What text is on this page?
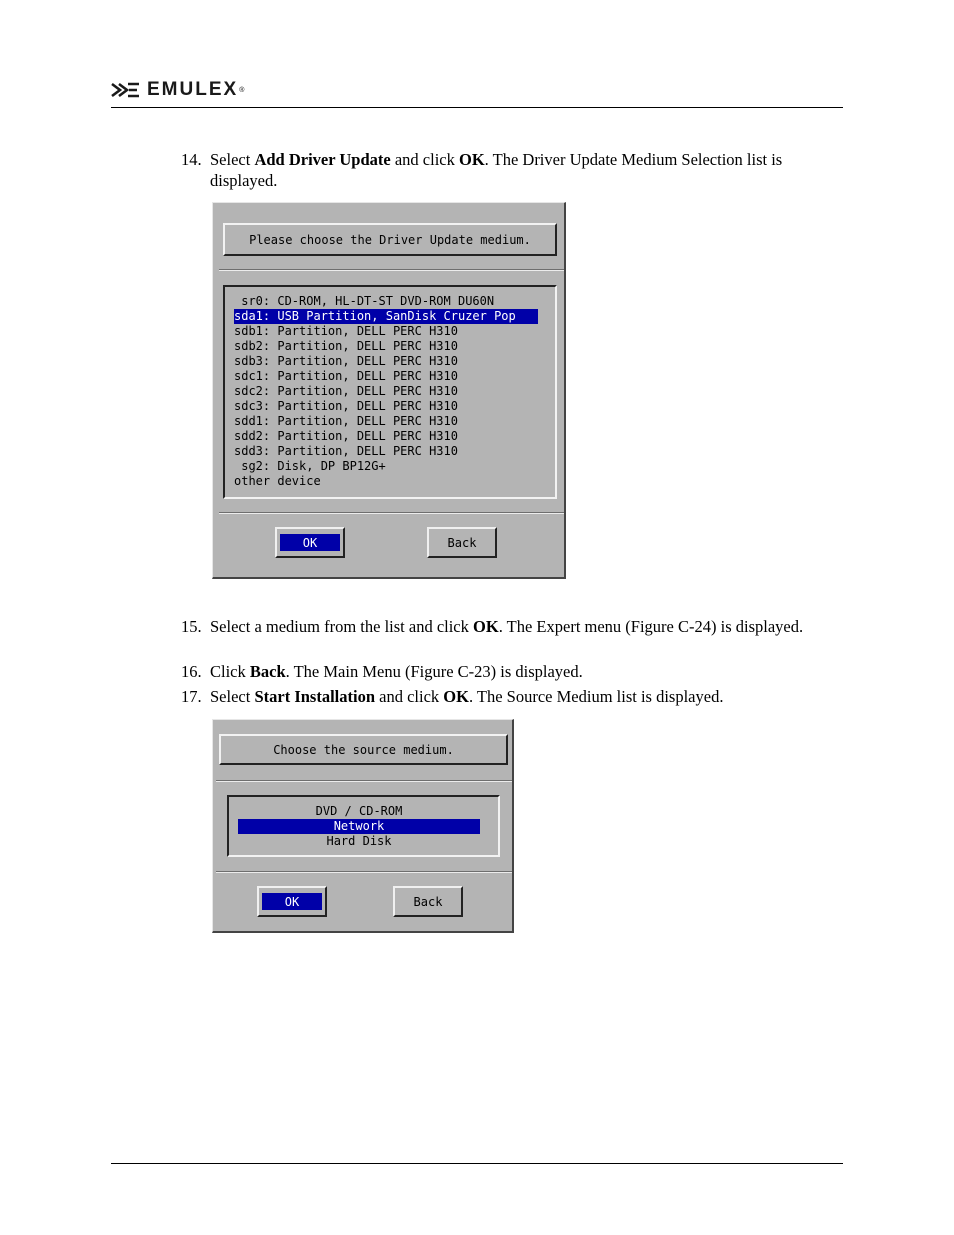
EMULEX ®
14. Select Add Driver Update and click OK. The Driver Update Medium Selection list is displayed.
Please choose the Driver Update medium.
sr0: CD-ROM, HL-DT-ST DVD-ROM DU60N
sda1: USB Partition, SanDisk Cruzer Pop
sdb1: Partition, DELL PERC H310
sdb2: Partition, DELL PERC H310
sdb3: Partition, DELL PERC H310
sdc1: Partition, DELL PERC H310
sdc2: Partition, DELL PERC H310
sdc3: Partition, DELL PERC H310
sdd1: Partition, DELL PERC H310
sdd2: Partition, DELL PERC H310
sdd3: Partition, DELL PERC H310
sg2: Disk, DP BP12G+
other device
OK	Back
15. Select a medium from the list and click OK. The Expert menu (Figure C-24) is displayed.
16. Click Back. The Main Menu (Figure C-23) is displayed.
17. Select Start Installation and click OK. The Source Medium list is displayed.
Choose the source medium.
DVD / CD-ROM
Network
Hard Disk
OK	Back
